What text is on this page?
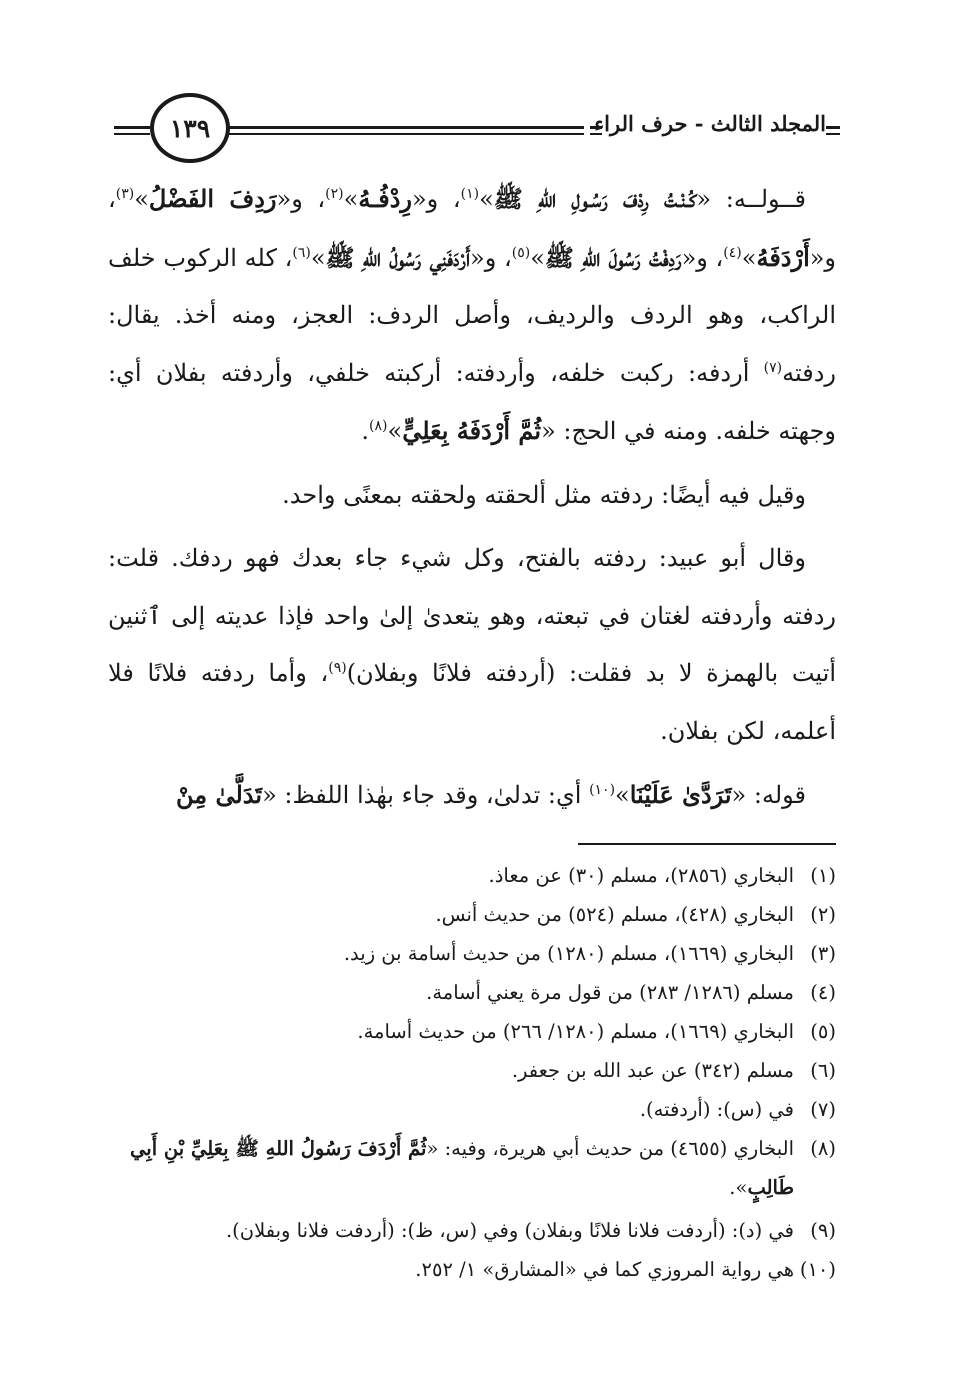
المجلد الثالث - حرف الراء
١٣٩

قــولــه: «كُـنْـتُ رِدْفَ رَسُـولِ اللهِ ﷺ»$^{(١)}$، و«رِدْفُـهُ»$^{(٢)}$، و«رَدِفَ الفَضْلُ»$^{(٣)}$، و«أَرْدَفَهُ»$^{(٤)}$، و«رَدِفْتُ رَسُولَ اللهِ ﷺ»$^{(٥)}$، و«أَرْدَفَنِي رَسُولُ اللهِ ﷺ»$^{(٦)}$، كله الركوب خلف الراكب، وهو الردف والرديف، وأصل الردف: العجز، ومنه أخذ. يقال: ردفته$^{(٧)}$ أردفه: ركبت خلفه، وأردفته: أركبته خلفي، وأردفته بفلان أي: وجهته خلفه. ومنه في الحج: «ثُمَّ أَرْدَفَهُ بِعَلِيٍّ»$^{(٨)}$.

وقيل فيه أيضًا: ردفته مثل ألحقته ولحقته بمعنًى واحد.

وقال أبو عبيد: ردفته بالفتح، وكل شيء جاء بعدك فهو ردفك. قلت: ردفته وأردفته لغتان في تبعته، وهو يتعدىٰ إلىٰ واحد فإذا عديته إلى ٱثنين أتيت بالهمزة لا بد فقلت: (أردفته فلانًا وبفلان)$^{(٩)}$، وأما ردفته فلانًا فلا أعلمه، لكن بفلان.

قوله: «تَرَدَّىٰ عَلَيْنَا»$^{(١٠)}$ أي: تدلىٰ، وقد جاء بهٰذا اللفظ: «تَدَلَّىٰ مِنْ

(١)
البخاري (٢٨٥٦)، مسلم (٣٠) عن معاذ.
(٢)
البخاري (٤٢٨)، مسلم (٥٢٤) من حديث أنس.
(٣)
البخاري (١٦٦٩)، مسلم (١٢٨٠) من حديث أسامة بن زيد.
(٤)
مسلم (١٢٨٦/ ٢٨٣) من قول مرة يعني أسامة.
(٥)
البخاري (١٦٦٩)، مسلم (١٢٨٠/ ٢٦٦) من حديث أسامة.
(٦)
مسلم (٣٤٢) عن عبد الله بن جعفر.
(٧)
في (س): (أردفته).
(٨)
البخاري (٤٦٥٥) من حديث أبي هريرة، وفيه: «ثُمَّ أَرْدَفَ رَسُولُ اللهِ ﷺ بِعَلِيِّ بْنِ أَبِي طَالِبٍ».
(٩)
في (د): (أردفت فلانا فلانًا وبفلان) وفي (س، ظ): (أردفت فلانا وبفلان).
(١٠)
هي رواية المروزي كما في «المشارق» ١/ ٢٥٢.
